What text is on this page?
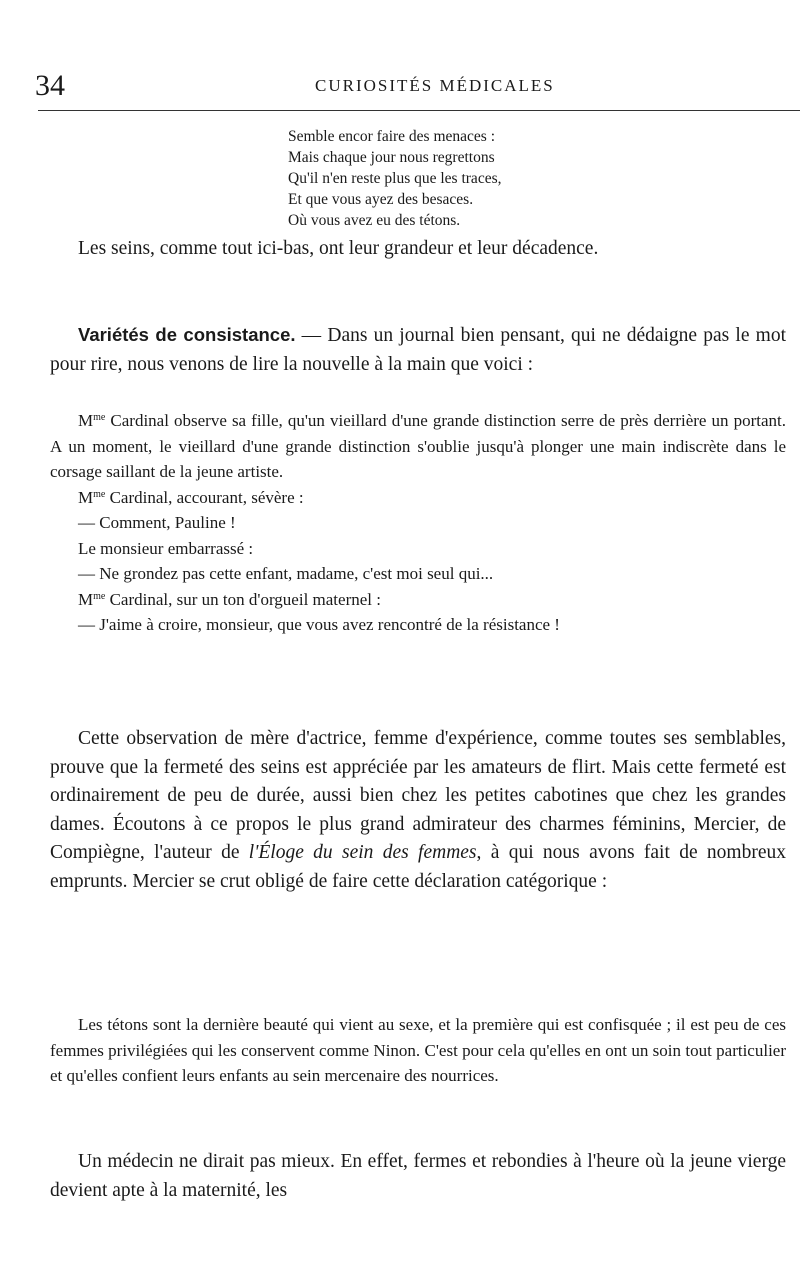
34	CURIOSITÉS MÉDICALES
Semble encor faire des menaces :
Mais chaque jour nous regrettons
Qu'il n'en reste plus que les traces,
Et que vous ayez des besaces.
Où vous avez eu des tétons.

Les seins, comme tout ici-bas, ont leur grandeur et leur décadence.

Variétés de consistance. — Dans un journal bien pensant, qui ne dédaigne pas le mot pour rire, nous venons de lire la nouvelle à la main que voici :

$M^{me}$ Cardinal observe sa fille, qu'un vieillard d'une grande distinction serre de près derrière un portant. A un moment, le vieillard d'une grande distinction s'oublie jusqu'à plonger une main indiscrète dans le corsage saillant de la jeune artiste.

$M^{me}$ Cardinal, accourant, sévère :

— Comment, Pauline !

Le monsieur embarrassé :

— Ne grondez pas cette enfant, madame, c'est moi seul qui...

$M^{me}$ Cardinal, sur un ton d'orgueil maternel :

— J'aime à croire, monsieur, que vous avez rencontré de la résistance !

Cette observation de mère d'actrice, femme d'expérience, comme toutes ses semblables, prouve que la fermeté des seins est appréciée par les amateurs de flirt. Mais cette fermeté est ordinairement de peu de durée, aussi bien chez les petites cabotines que chez les grandes dames. Écoutons à ce propos le plus grand admirateur des charmes féminins, Mercier, de Compiègne, l'auteur de l'Éloge du sein des femmes, à qui nous avons fait de nombreux emprunts. Mercier se crut obligé de faire cette déclaration catégorique :

Les tétons sont la dernière beauté qui vient au sexe, et la première qui est confisquée ; il est peu de ces femmes privilégiées qui les conservent comme Ninon. C'est pour cela qu'elles en ont un soin tout particulier et qu'elles confient leurs enfants au sein mercenaire des nourrices.

Un médecin ne dirait pas mieux. En effet, fermes et rebondies à l'heure où la jeune vierge devient apte à la maternité, les
